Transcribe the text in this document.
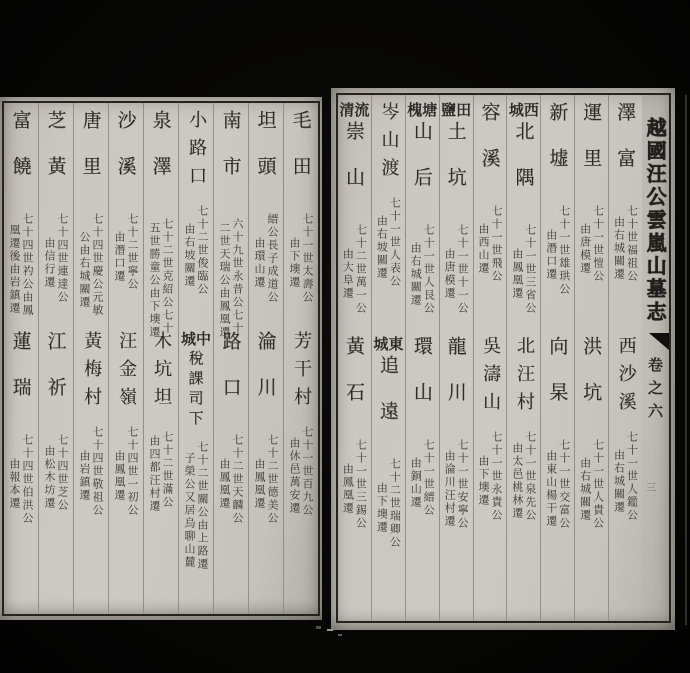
毛田
七十一世太壽公
由下墺遷
芳干村
七十一世百九公
由休邑萬安遷
坦頭
縉公長子成道公
由環山遷
淪川
七十二世德美公
由鳳凰遷
南市
六十九世永昔公七十
二世天瑞公由鳳凰遷
路口
七十二世天麟公
由鳳凰遷
小路口
七十二世俊臨公
由右坡關遷
城中
稅課司下
七十二世關公由上路遷
子榮公又居烏聊山麓
泉澤
七十二世克紹公七十
五世勝童公由下墺遷
木坑坦
七十二世滿公
由四都汪村遷
沙溪
七十二世寧公
由潛口遷
汪金嶺
七十四世一初公
由鳳凰遷
唐里
七十四世慶公元敏
公由右城關遷
黃梅村
七十四世敬祖公
由岩鎮遷
芝黃
七十四世連達公
由信行遷
江祈
七十四世芝公
由松木坊遷
富饒
七十四世礿公由鳳
凰遷後由岩鎮遷
蓮瑞
七十四世伯洪公
由報本遷
越國汪公雲嵐山墓志
卷之六
三
澤富
七十世福祖公
由右城關遷
西沙溪
七十一世人鑑公
由右城關遷
運里
七十一世愷公
由唐模遷
洪坑
七十一世人貴公
由右城關遷
新墟
七十一世雄珙公
由潛口遷
向杲
七十一世交富公
由東山楊干遷
城西
北隅
七十一世三省公
由鳳凰遷
北汪村
七十一世泉先公
由太邑桃林遷
容溪
七十一世飛公
由西山遷
吳濤山
七十一世永貴公
由下墺遷
鹽田
土坑
七十一世十一公
由唐模遷
龍川
七十一世安寧公
由淪川汪村遷
槐塘
山后
七十一世人艮公
由右城關遷
環山
七十一世縉公
由銅山遷
岑山渡
七十一世人表公
由右坡關遷
城東
追遠
七十二世瑞卿公
由下墺遷
清流
崇山
七十二世萬一公
由大阜遷
黃石
七十一世三錫公
由鳳凰遷
